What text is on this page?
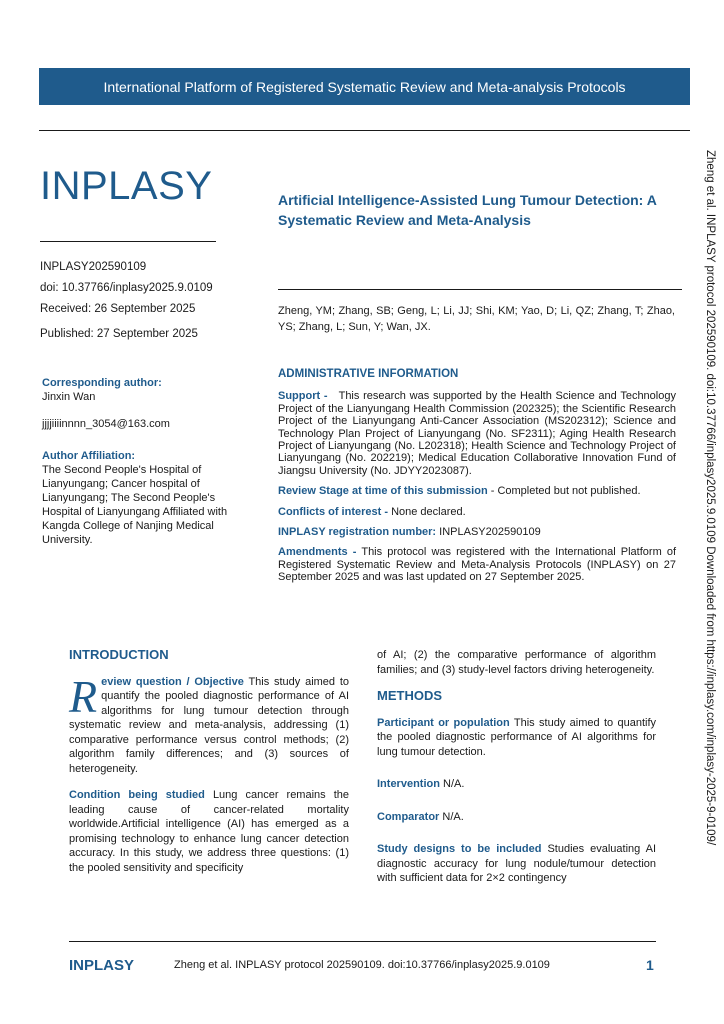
International Platform of Registered Systematic Review and Meta-analysis Protocols
INPLASY
INPLASY202590109
doi: 10.37766/inplasy2025.9.0109
Received: 26 September 2025
Published: 27 September 2025
Artificial Intelligence-Assisted Lung Tumour Detection: A Systematic Review and Meta-Analysis
Zheng, YM; Zhang, SB; Geng, L; Li, JJ; Shi, KM; Yao, D; Li, QZ; Zhang, T; Zhao, YS; Zhang, L; Sun, Y; Wan, JX.
Corresponding author:
Jinxin Wan
jjjjiiiinnnn_3054@163.com
Author Affiliation:
The Second People's Hospital of Lianyungang; Cancer hospital of Lianyungang; The Second People's Hospital of Lianyungang Affiliated with Kangda College of Nanjing Medical University.
ADMINISTRATIVE INFORMATION

Support - This research was supported by the Health Science and Technology Project of the Lianyungang Health Commission (202325); the Scientific Research Project of the Lianyungang Anti-Cancer Association (MS202312); Science and Technology Plan Project of Lianyungang (No. SF2311); Aging Health Research Project of Lianyungang (No. L202318); Health Science and Technology Project of Lianyungang (No. 202219); Medical Education Collaborative Innovation Fund of Jiangsu University (No. JDYY2023087).

Review Stage at time of this submission - Completed but not published.

Conflicts of interest - None declared.

INPLASY registration number: INPLASY202590109

Amendments - This protocol was registered with the International Platform of Registered Systematic Review and Meta-Analysis Protocols (INPLASY) on 27 September 2025 and was last updated on 27 September 2025.

INTRODUCTION

Review question / Objective This study aimed to quantify the pooled diagnostic performance of AI algorithms for lung tumour detection through systematic review and meta-analysis, addressing (1) comparative performance versus control methods; (2) algorithm family differences; and (3) sources of heterogeneity.

Condition being studied Lung cancer remains the leading cause of cancer-related mortality worldwide.Artificial intelligence (AI) has emerged as a promising technology to enhance lung cancer detection accuracy. In this study, we address three questions: (1) the pooled sensitivity and specificity

of AI; (2) the comparative performance of algorithm families; and (3) study-level factors driving heterogeneity.

METHODS

Participant or population This study aimed to quantify the pooled diagnostic performance of AI algorithms for lung tumour detection.

Intervention N/A.

Comparator N/A.

Study designs to be included Studies evaluating AI diagnostic accuracy for lung nodule/tumour detection with sufficient data for 2×2 contingency

Zheng et al. INPLASY protocol 202590109. doi:10.37766/inplasy2025.9.0109 Downloaded from https://inplasy.com/inplasy-2025-9-0109/
INPLASY	Zheng et al. INPLASY protocol 202590109. doi:10.37766/inplasy2025.9.0109	1
